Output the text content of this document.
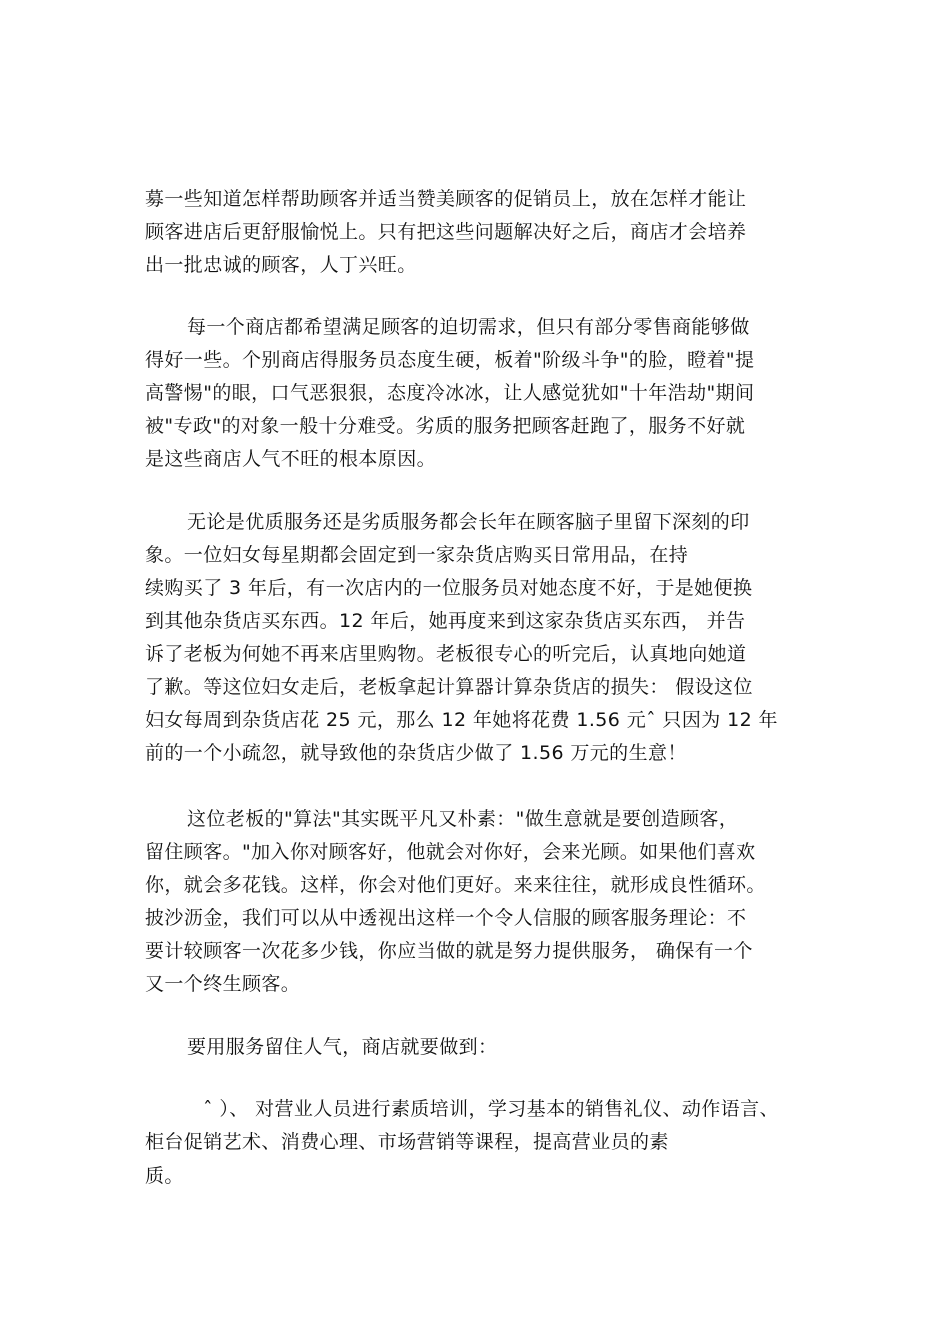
募一些知道怎样帮助顾客并适当赞美顾客的促销员上，放在怎样才能让
顾客进店后更舒服愉悦上。只有把这些问题解决好之后，商店才会培养
出一批忠诚的顾客，人丁兴旺。
每一个商店都希望满足顾客的迫切需求，但只有部分零售商能够做
得好一些。个别商店得服务员态度生硬，板着"阶级斗争"的脸，瞪着"提
高警惕"的眼，口气恶狠狠，态度冷冰冰，让人感觉犹如"十年浩劫"期间
被"专政"的对象一般十分难受。劣质的服务把顾客赶跑了，服务不好就
是这些商店人气不旺的根本原因。
无论是优质服务还是劣质服务都会长年在顾客脑子里留下深刻的印
象。一位妇女每星期都会固定到一家杂货店购买日常用品，在持
续购买了 3 年后，有一次店内的一位服务员对她态度不好，于是她便换
到其他杂货店买东西。12 年后，她再度来到这家杂货店买东西， 并告
诉了老板为何她不再来店里购物。老板很专心的听完后，认真地向她道
了歉。等这位妇女走后，老板拿起计算器计算杂货店的损失： 假设这位
妇女每周到杂货店花 25 元，那么 12 年她将花费 1.56 元ˆ 只因为 12 年
前的一个小疏忽，就导致他的杂货店少做了 1.56 万元的生意！
这位老板的"算法"其实既平凡又朴素："做生意就是要创造顾客，
留住顾客。"加入你对顾客好，他就会对你好，会来光顾。如果他们喜欢
你，就会多花钱。这样，你会对他们更好。来来往往，就形成良性循环。
披沙沥金，我们可以从中透视出这样一个令人信服的顾客服务理论：不
要计较顾客一次花多少钱，你应当做的就是努力提供服务， 确保有一个
又一个终生顾客。
要用服务留住人气，商店就要做到：
ˆ ）、 对营业人员进行素质培训，学习基本的销售礼仪、动作语言、
柜台促销艺术、消费心理、市场营销等课程，提高营业员的素
质。
